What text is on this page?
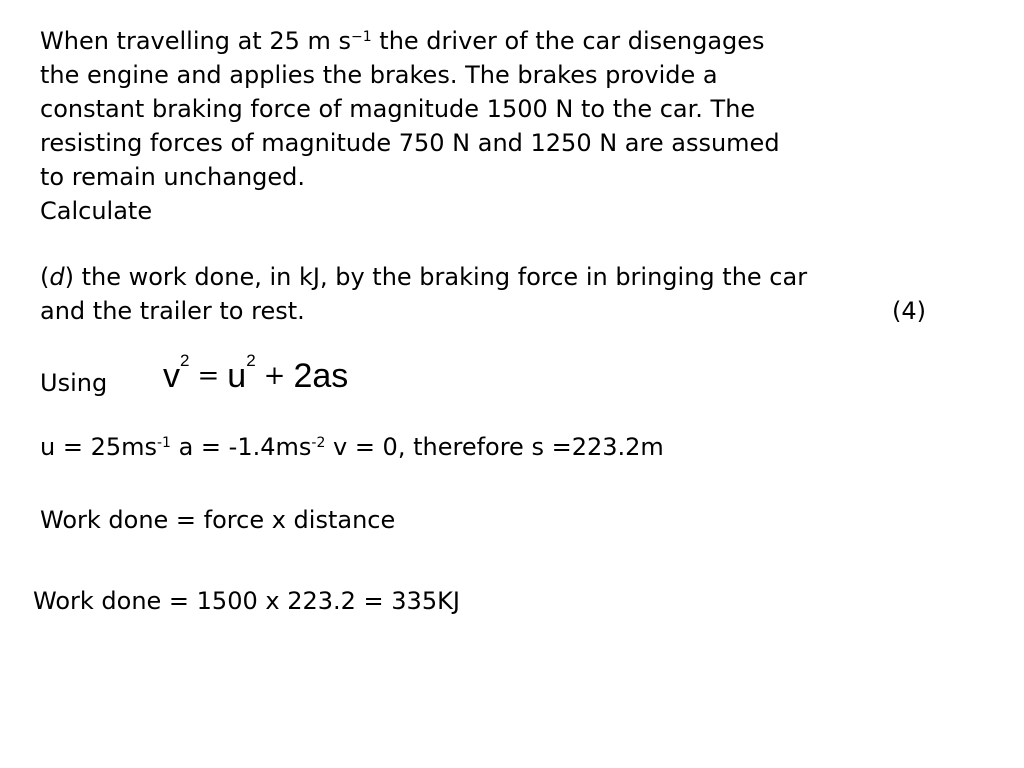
When travelling at 25 m $s^{-1}$ the driver of the car disengages
the engine and applies the brakes. The brakes provide a
constant braking force of magnitude 1500 N to the car. The
resisting forces of magnitude 750 N and 1250 N are assumed
to remain unchanged.
Calculate
(d) the work done, in kJ, by the braking force in bringing the car
and the trailer to rest.	(4)
Using $v^2= u^2+ 2as$
$u = 25ms^{-1}$ $a = -1.4ms^{-2}$ v = 0, therefore s =223.2m
Work done = force x distance
Work done = 1500 x 223.2 = 335KJ
